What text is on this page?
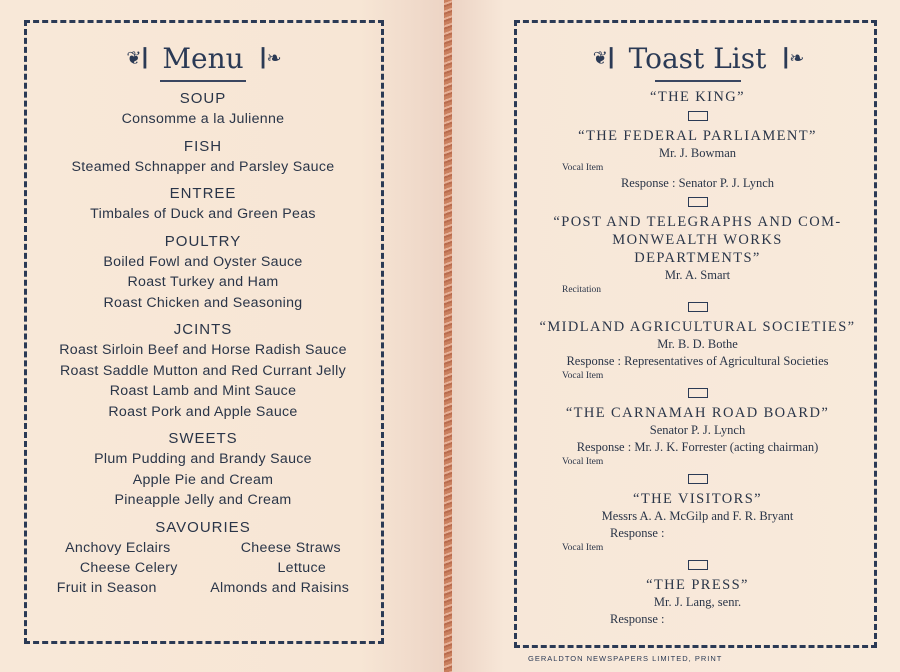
❦┃ Menu ┃❧
SOUP
Consomme a la Julienne
FISH
Steamed Schnapper and Parsley Sauce
ENTREE
Timbales of Duck and Green Peas
POULTRY
Boiled Fowl and Oyster Sauce
Roast Turkey and Ham
Roast Chicken and Seasoning
JCINTS
Roast Sirloin Beef and Horse Radish Sauce
Roast Saddle Mutton and Red Currant Jelly
Roast Lamb and Mint Sauce
Roast Pork and Apple Sauce
SWEETS
Plum Pudding and Brandy Sauce
Apple Pie and Cream
Pineapple Jelly and Cream
SAVOURIES
Anchovy Eclairs	Cheese Straws
Cheese Celery	Lettuce
Fruit in Season	Almonds and Raisins
❦┃ Toast List ┃❧
“THE KING”
“THE FEDERAL PARLIAMENT”
Mr. J. Bowman
Vocal Item
Response : Senator P. J. Lynch
“POST AND TELEGRAPHS AND COM-
MONWEALTH WORKS
DEPARTMENTS”
Mr. A. Smart
Recitation
“MIDLAND AGRICULTURAL SOCIETIES”
Mr. B. D. Bothe
Response : Representatives of Agricultural Societies
Vocal Item
“THE CARNAMAH ROAD BOARD”
Senator P. J. Lynch
Response : Mr. J. K. Forrester (acting chairman)
Vocal Item
“THE VISITORS”
Messrs A. A. McGilp and F. R. Bryant
Response :
Vocal Item
“THE PRESS”
Mr. J. Lang, senr.
Response :
GERALDTON NEWSPAPERS LIMITED, PRINT
